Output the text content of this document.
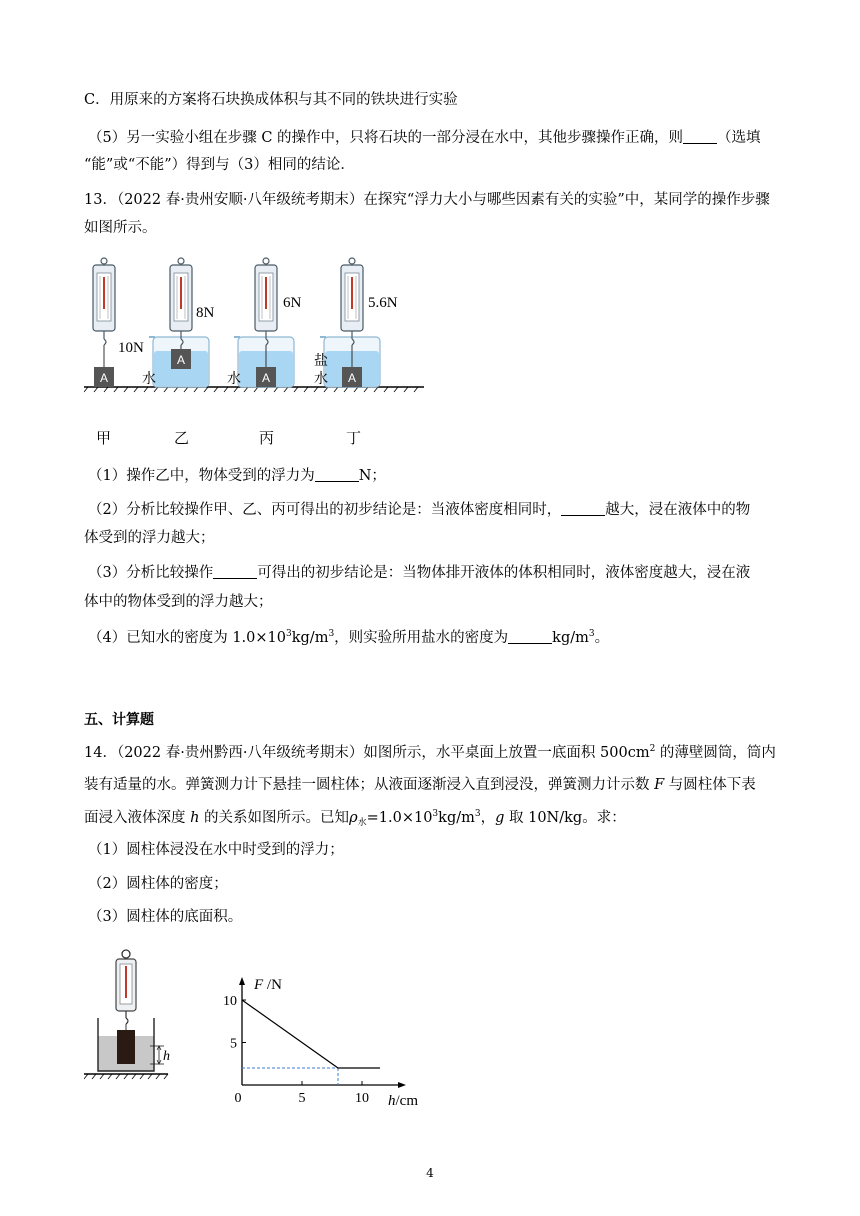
C．用原来的方案将石块换成体积与其不同的铁块进行实验
（5）另一实验小组在步骤 C 的操作中，只将石块的一部分浸在水中，其他步骤操作正确，则 （选填
“能”或“不能”）得到与（3）相同的结论．
13．（2022 春·贵州安顺·八年级统考期末）在探究“浮力大小与哪些因素有关的实验”中，某同学的操作步骤
如图所示。
A
10N
A
8N
水	A
6N
水	A
5.6N
盐
水
甲	乙	丙	丁
（1）操作乙中，物体受到的浮力为	N；
（2）分析比较操作甲、乙、丙可得出的初步结论是：当液体密度相同时，	越大，浸在液体中的物
体受到的浮力越大；
（3）分析比较操作	可得出的初步结论是：当物体排开液体的体积相同时，液体密度越大，浸在液
体中的物体受到的浮力越大；
（4）已知水的密度为 $1.0\times 10^3kg/m^3$，则实验所用盐水的密度为	$kg/m^3$。
五、计算题
14．（2022 春·贵州黔西·八年级统考期末）如图所示，水平桌面上放置一底面积 $500cm^2$ 的薄壁圆筒，筒内
装有适量的水。弹簧测力计下悬挂一圆柱体；从液面逐渐浸入直到浸没，弹簧测力计示数 F 与圆柱体下表
面浸入液体深度 h 的关系如图所示。已知$\rho_水=1.0\times 10^3kg/m^3$，g 取 10N/kg。求：
（1）圆柱体浸没在水中时受到的浮力；
（2）圆柱体的密度；
（3）圆柱体的底面积。
h
5	10
5
10
F /N
h/cm
0
4
